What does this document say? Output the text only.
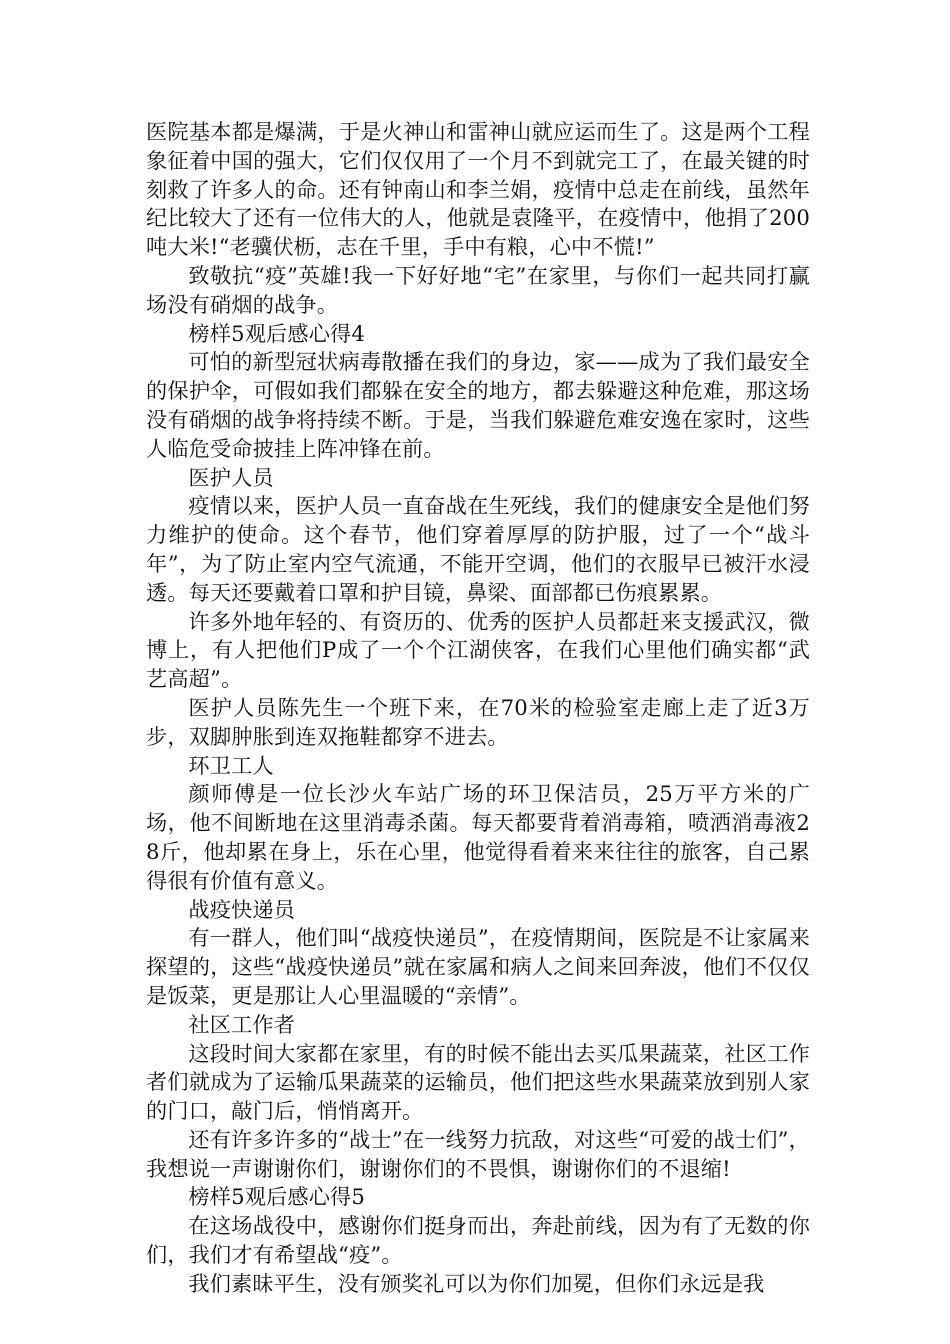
医院基本都是爆满，于是火神山和雷神山就应运而生了。这是两个工程象征着中国的强大，它们仅仅用了一个月不到就完工了，在最关键的时刻救了许多人的命。还有钟南山和李兰娟，疫情中总走在前线，虽然年纪比较大了还有一位伟大的人，他就是袁隆平，在疫情中，他捐了200吨大米!“老骥伏枥，志在千里，手中有粮，心中不慌!”

致敬抗“疫”英雄!我一下好好地“宅”在家里，与你们一起共同打赢场没有硝烟的战争。

榜样5观后感心得4

可怕的新型冠状病毒散播在我们的身边，家——成为了我们最安全的保护伞，可假如我们都躲在安全的地方，都去躲避这种危难，那这场没有硝烟的战争将持续不断。于是，当我们躲避危难安逸在家时，这些人临危受命披挂上阵冲锋在前。

医护人员

疫情以来，医护人员一直奋战在生死线，我们的健康安全是他们努力维护的使命。这个春节，他们穿着厚厚的防护服，过了一个“战斗年”，为了防止室内空气流通，不能开空调，他们的衣服早已被汗水浸透。每天还要戴着口罩和护目镜，鼻梁、面部都已伤痕累累。

许多外地年轻的、有资历的、优秀的医护人员都赶来支援武汉，微博上，有人把他们P成了一个个江湖侠客，在我们心里他们确实都“武艺高超”。

医护人员陈先生一个班下来，在70米的检验室走廊上走了近3万步，双脚肿胀到连双拖鞋都穿不进去。

环卫工人

颜师傅是一位长沙火车站广场的环卫保洁员，25万平方米的广场，他不间断地在这里消毒杀菌。每天都要背着消毒箱，喷洒消毒液28斤，他却累在身上，乐在心里，他觉得看着来来往往的旅客，自己累得很有价值有意义。

战疫快递员

有一群人，他们叫“战疫快递员”，在疫情期间，医院是不让家属来探望的，这些“战疫快递员”就在家属和病人之间来回奔波，他们不仅仅是饭菜，更是那让人心里温暖的“亲情”。

社区工作者

这段时间大家都在家里，有的时候不能出去买瓜果蔬菜，社区工作者们就成为了运输瓜果蔬菜的运输员，他们把这些水果蔬菜放到别人家的门口，敲门后，悄悄离开。

还有许多许多的“战士”在一线努力抗敌，对这些“可爱的战士们”，我想说一声谢谢你们，谢谢你们的不畏惧，谢谢你们的不退缩!

榜样5观后感心得5

在这场战役中，感谢你们挺身而出，奔赴前线，因为有了无数的你们，我们才有希望战“疫”。

我们素昧平生，没有颁奖礼可以为你们加冕，但你们永远是我
